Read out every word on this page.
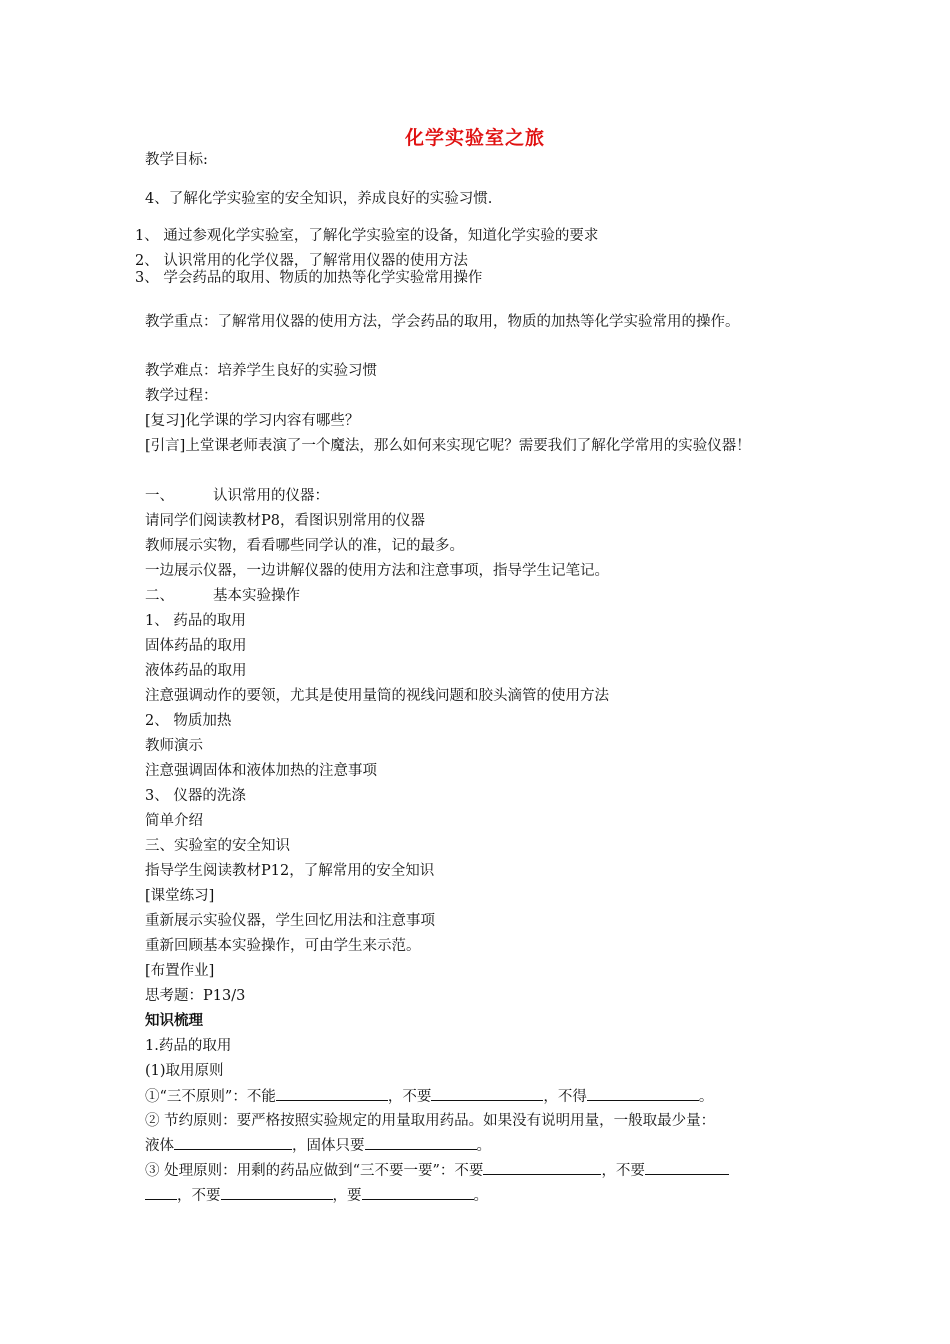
化学实验室之旅
教学目标:
4、了解化学实验室的安全知识，养成良好的实验习惯.
1、 通过参观化学实验室，了解化学实验室的设备，知道化学实验的要求
2、 认识常用的化学仪器，了解常用仪器的使用方法
3、 学会药品的取用、物质的加热等化学实验常用操作
教学重点：了解常用仪器的使用方法，学会药品的取用，物质的加热等化学实验常用的操作。
教学难点：培养学生良好的实验习惯
教学过程：
[复习]化学课的学习内容有哪些？
[引言]上堂课老师表演了一个魔法，那么如何来实现它呢？需要我们了解化学常用的实验仪器！
一、	认识常用的仪器：
请同学们阅读教材P8，看图识别常用的仪器
教师展示实物，看看哪些同学认的准，记的最多。
一边展示仪器，一边讲解仪器的使用方法和注意事项，指导学生记笔记。
二、	基本实验操作
1、 药品的取用
固体药品的取用
液体药品的取用
注意强调动作的要领，尤其是使用量筒的视线问题和胶头滴管的使用方法
2、 物质加热
教师演示
注意强调固体和液体加热的注意事项
3、 仪器的洗涤
简单介绍
三、实验室的安全知识
指导学生阅读教材P12，了解常用的安全知识
[课堂练习]
重新展示实验仪器，学生回忆用法和注意事项
重新回顾基本实验操作，可由学生来示范。
[布置作业]
思考题：P13/3
知识梳理
1.药品的取用
(1)取用原则
①“三不原则”：不能	，不要	，不得	。
② 节约原则：要严格按照实验规定的用量取用药品。如果没有说明用量，一般取最少量：
液体	，固体只要	。
③ 处理原则：用剩的药品应做到“三不要一要”：不要	，不要
，不要	，要	。
